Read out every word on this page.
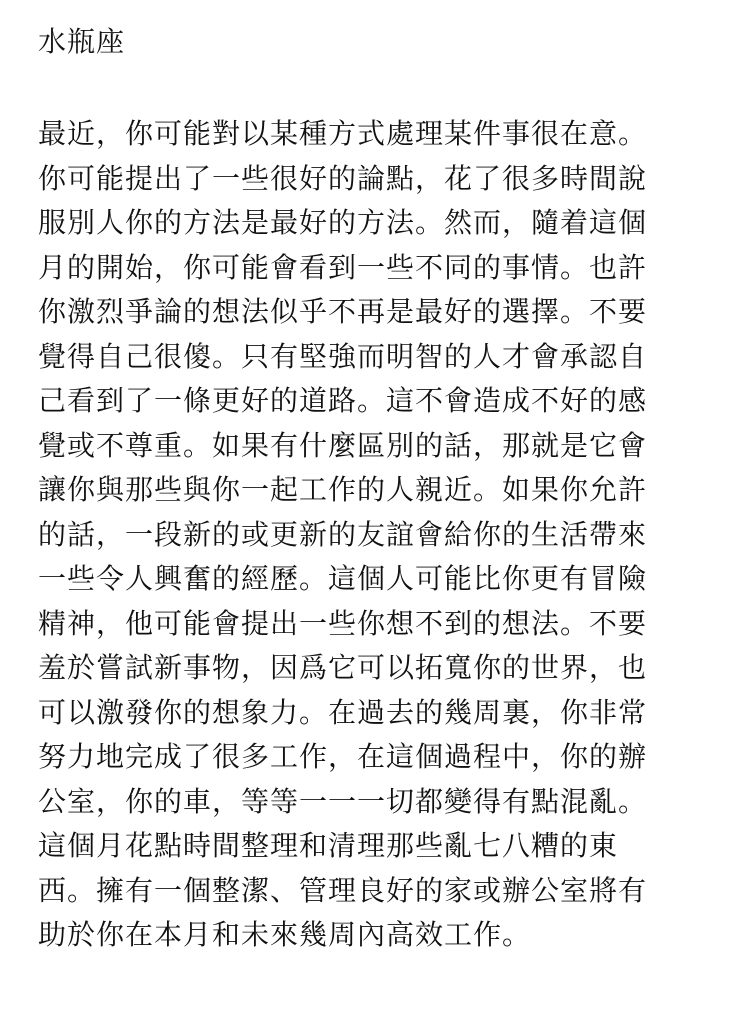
水瓶座
最近，你可能對以某種方式處理某件事很在意。
你可能提出了一些很好的論點，花了很多時間說
服別人你的方法是最好的方法。然而，隨着這個
月的開始，你可能會看到一些不同的事情。也許
你激烈爭論的想法似乎不再是最好的選擇。不要
覺得自己很傻。只有堅強而明智的人才會承認自
己看到了一條更好的道路。這不會造成不好的感
覺或不尊重。如果有什麼區別的話，那就是它會
讓你與那些與你一起工作的人親近。如果你允許
的話，一段新的或更新的友誼會給你的生活帶來
一些令人興奮的經歷。這個人可能比你更有冒險
精神，他可能會提出一些你想不到的想法。不要
羞於嘗試新事物，因爲它可以拓寬你的世界，也
可以激發你的想象力。在過去的幾周裏，你非常
努力地完成了很多工作，在這個過程中，你的辦
公室，你的車，等等一一一切都變得有點混亂。
這個月花點時間整理和清理那些亂七八糟的東
西。擁有一個整潔、管理良好的家或辦公室將有
助於你在本月和未來幾周內高效工作。
